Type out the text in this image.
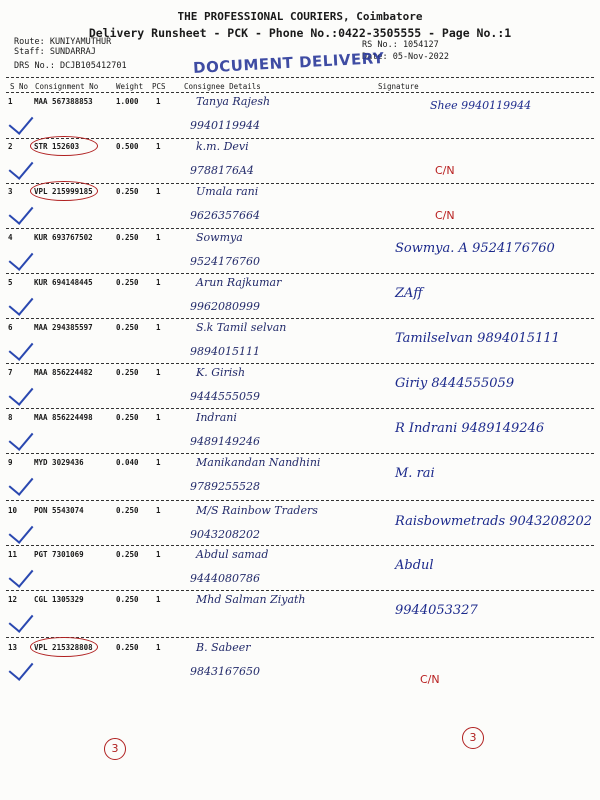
THE PROFESSIONAL COURIERS, Coimbatore
Delivery Runsheet - PCK - Phone No.:0422-3505555 - Page No.:1
Route: KUNIYAMUTHUR
Staff: SUNDARRAJ
DRS No.: DCJB105412701
RS No.: 1054127
Date: 05-Nov-2022
DOCUMENT DELIVERY
S No Consignment No Weight PCS Consignee Details	Signature
1	MAA 567388853	1.000 1	Tanya Rajesh
9940119944
Shee 9940119944
2	STR 152603	0.500 1	k.m. Devi
9788176A4	C/N
3	VPL 215999185	0.250 1	Umala rani
9626357664	C/N
4	KUR 693767502	0.250 1	Sowmya
9524176760
Sowmya. A 9524176760
5	KUR 694148445	0.250 1	Arun Rajkumar
9962080999
ZAff
6	MAA 294385597	0.250 1	S.k Tamil selvan
9894015111
Tamilselvan 9894015111
7	MAA 856224482	0.250 1	K. Girish
9444555059
Giriy 8444555059
8	MAA 856224498	0.250 1	Indrani
9489149246
R Indrani 9489149246
9	MYD 3029436	0.040 1	Manikandan Nandhini
9789255528
M. rai
10 PON 5543074	0.250 1	M/S Rainbow Traders
9043208202
Raisbowmetrads 9043208202
11 PGT 7301069	0.250 1	Abdul samad
9444080786
Abdul
12 CGL 1305329	0.250 1	Mhd Salman Ziyath
9944053327
13 VPL 215328808	0.250 1	B. Sabeer
9843167650
C/N
3
3
